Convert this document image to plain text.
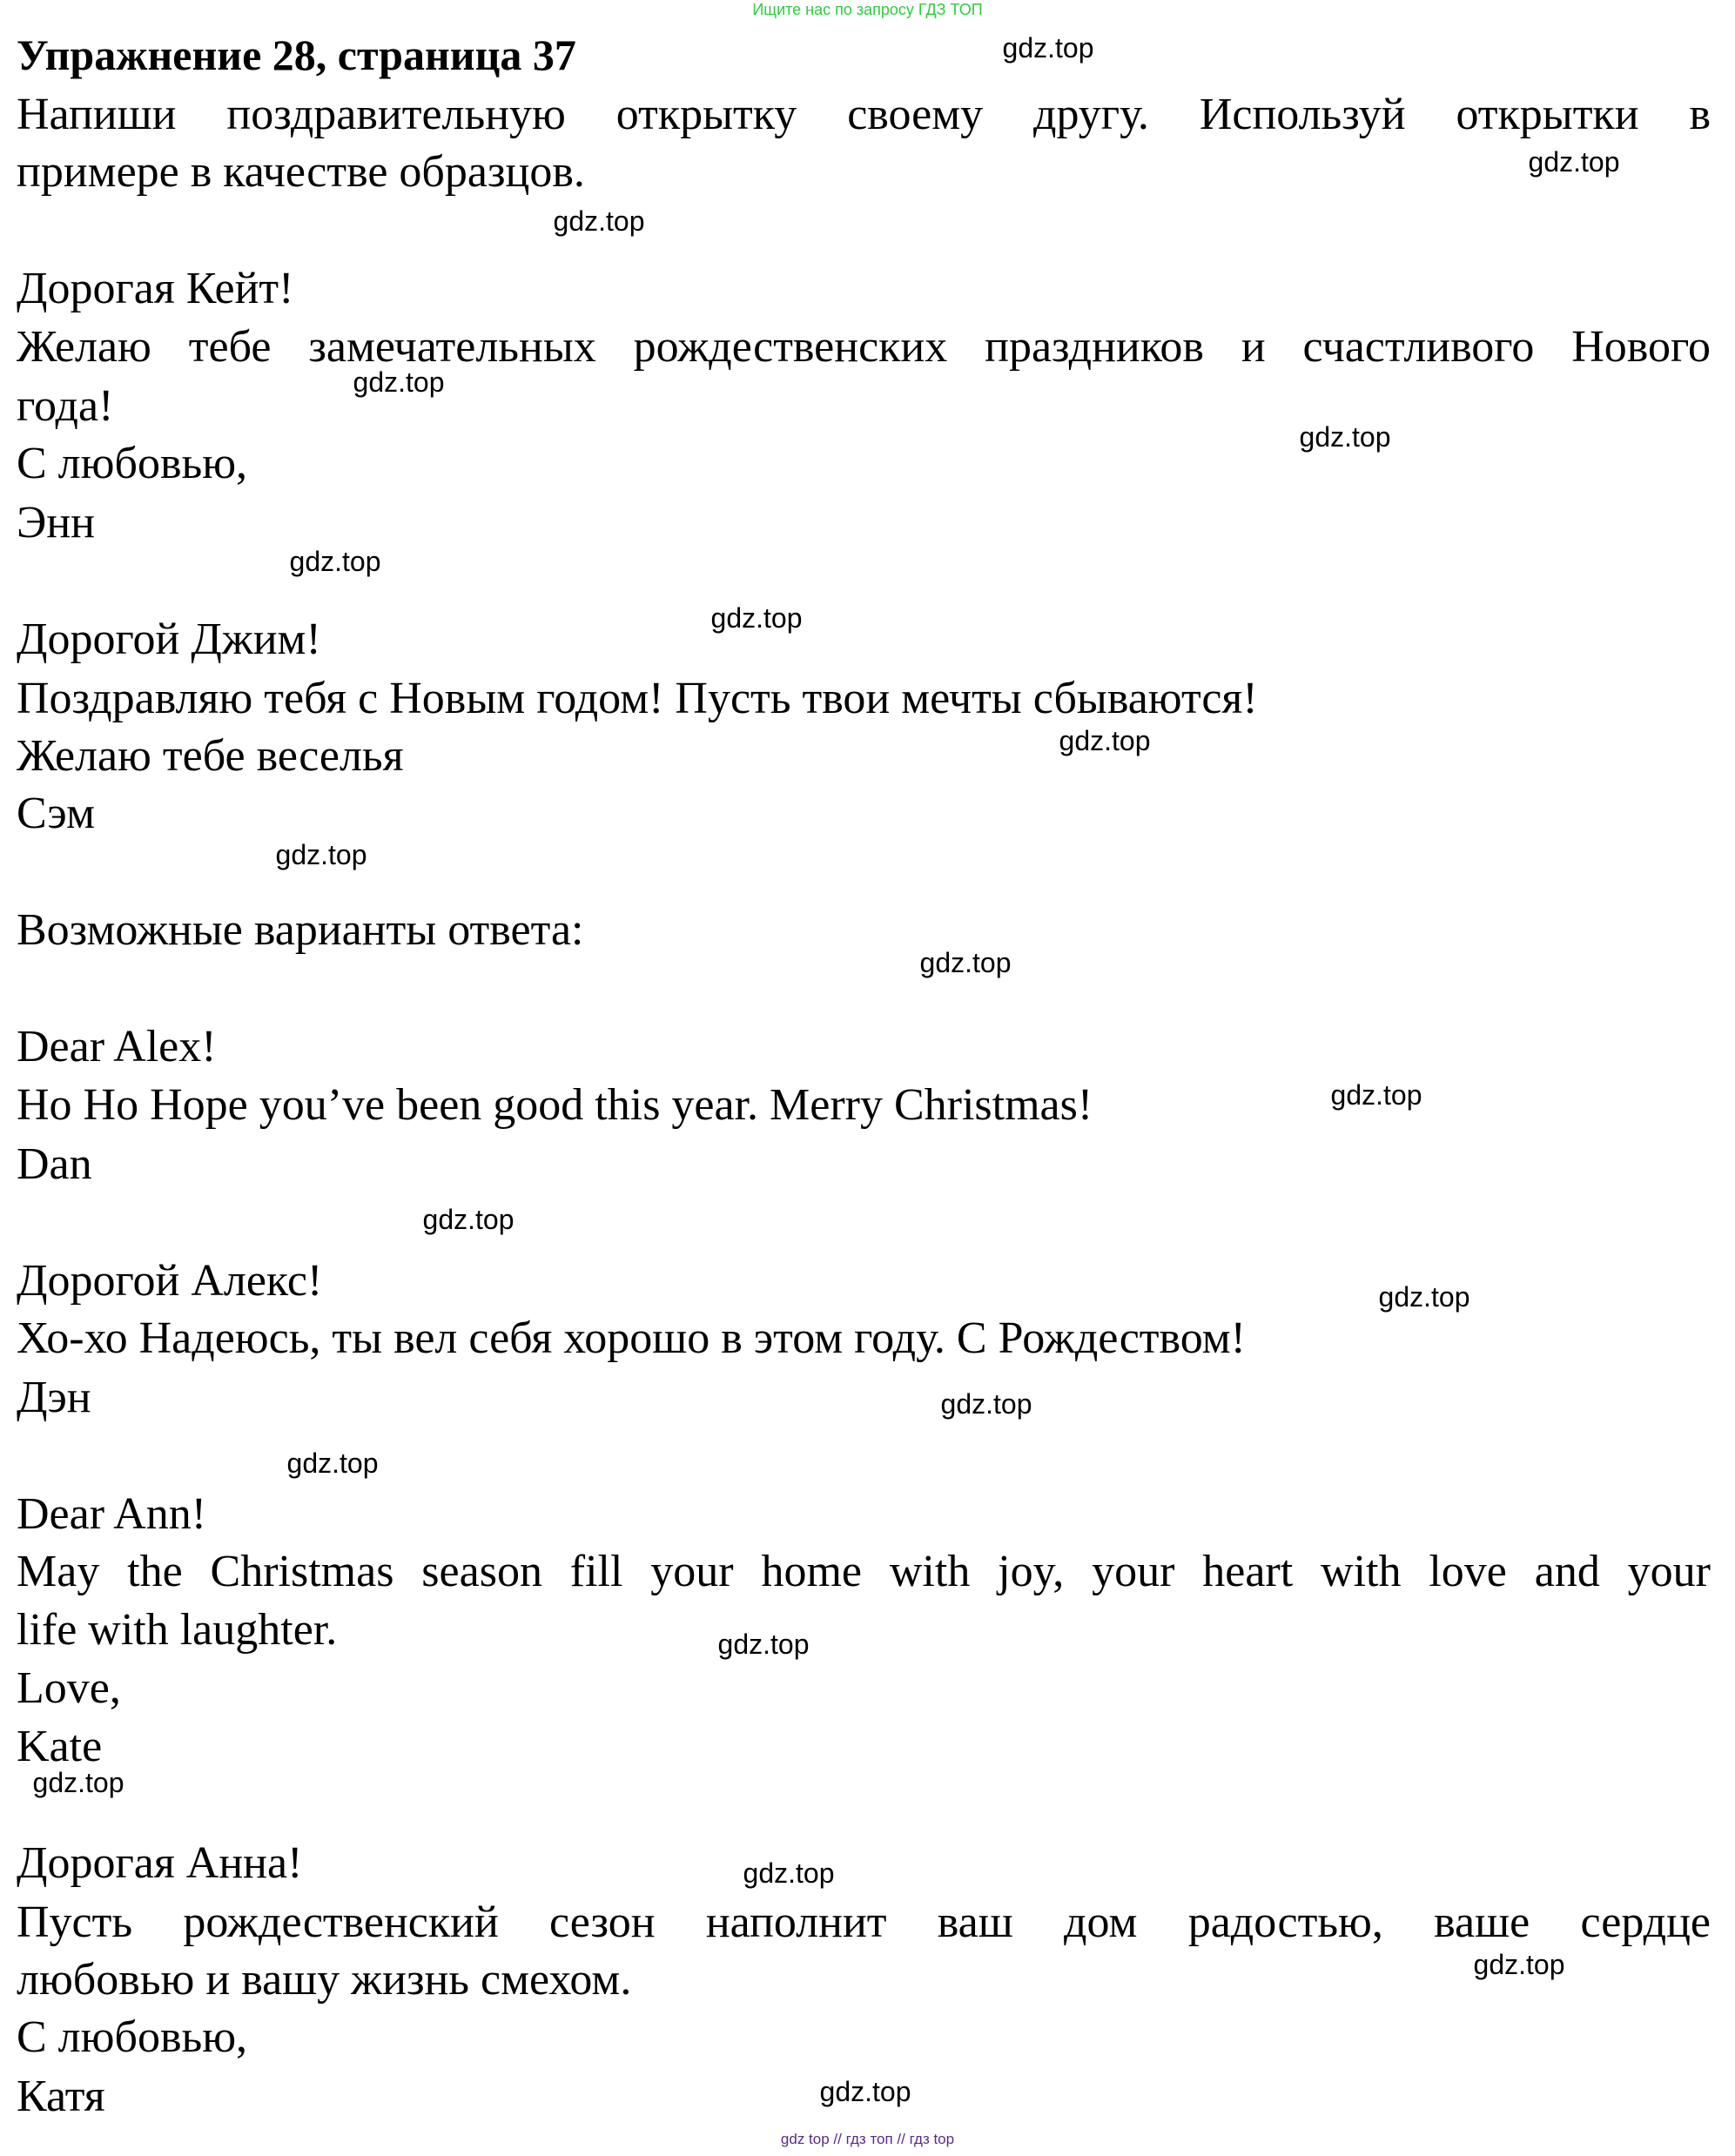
Ищите нас по запросу ГДЗ ТОП
Упражнение 28, страница 37
Напиши поздравительную открытку своему другу. Используй открытки в
примере в качестве образцов.
Дорогая Кейт!
Желаю тебе замечательных рождественских праздников и счастливого Нового
года!
С любовью,
Энн
Дорогой Джим!
Поздравляю тебя с Новым годом! Пусть твои мечты сбываются!
Желаю тебе веселья
Сэм
Возможные варианты ответа:
Dear Alex!
Ho Ho Hope you’ve been good this year. Merry Christmas!
Dan
Дорогой Алекс!
Хо-хо Надеюсь, ты вел себя хорошо в этом году. С Рождеством!
Дэн
Dear Ann!
May the Christmas season fill your home with joy, your heart with love and your
life with laughter.
Love,
Kate
Дорогая Анна!
Пусть рождественский сезон наполнит ваш дом радостью, ваше сердце
любовью и вашу жизнь смехом.
С любовью,
Катя
gdz.top
gdz.top
gdz.top
gdz.top
gdz.top
gdz.top
gdz.top
gdz.top
gdz.top
gdz.top
gdz.top
gdz.top
gdz.top
gdz.top
gdz.top
gdz.top
gdz.top
gdz.top
gdz.top
gdz.top
gdz top // гдз топ // гдз top
